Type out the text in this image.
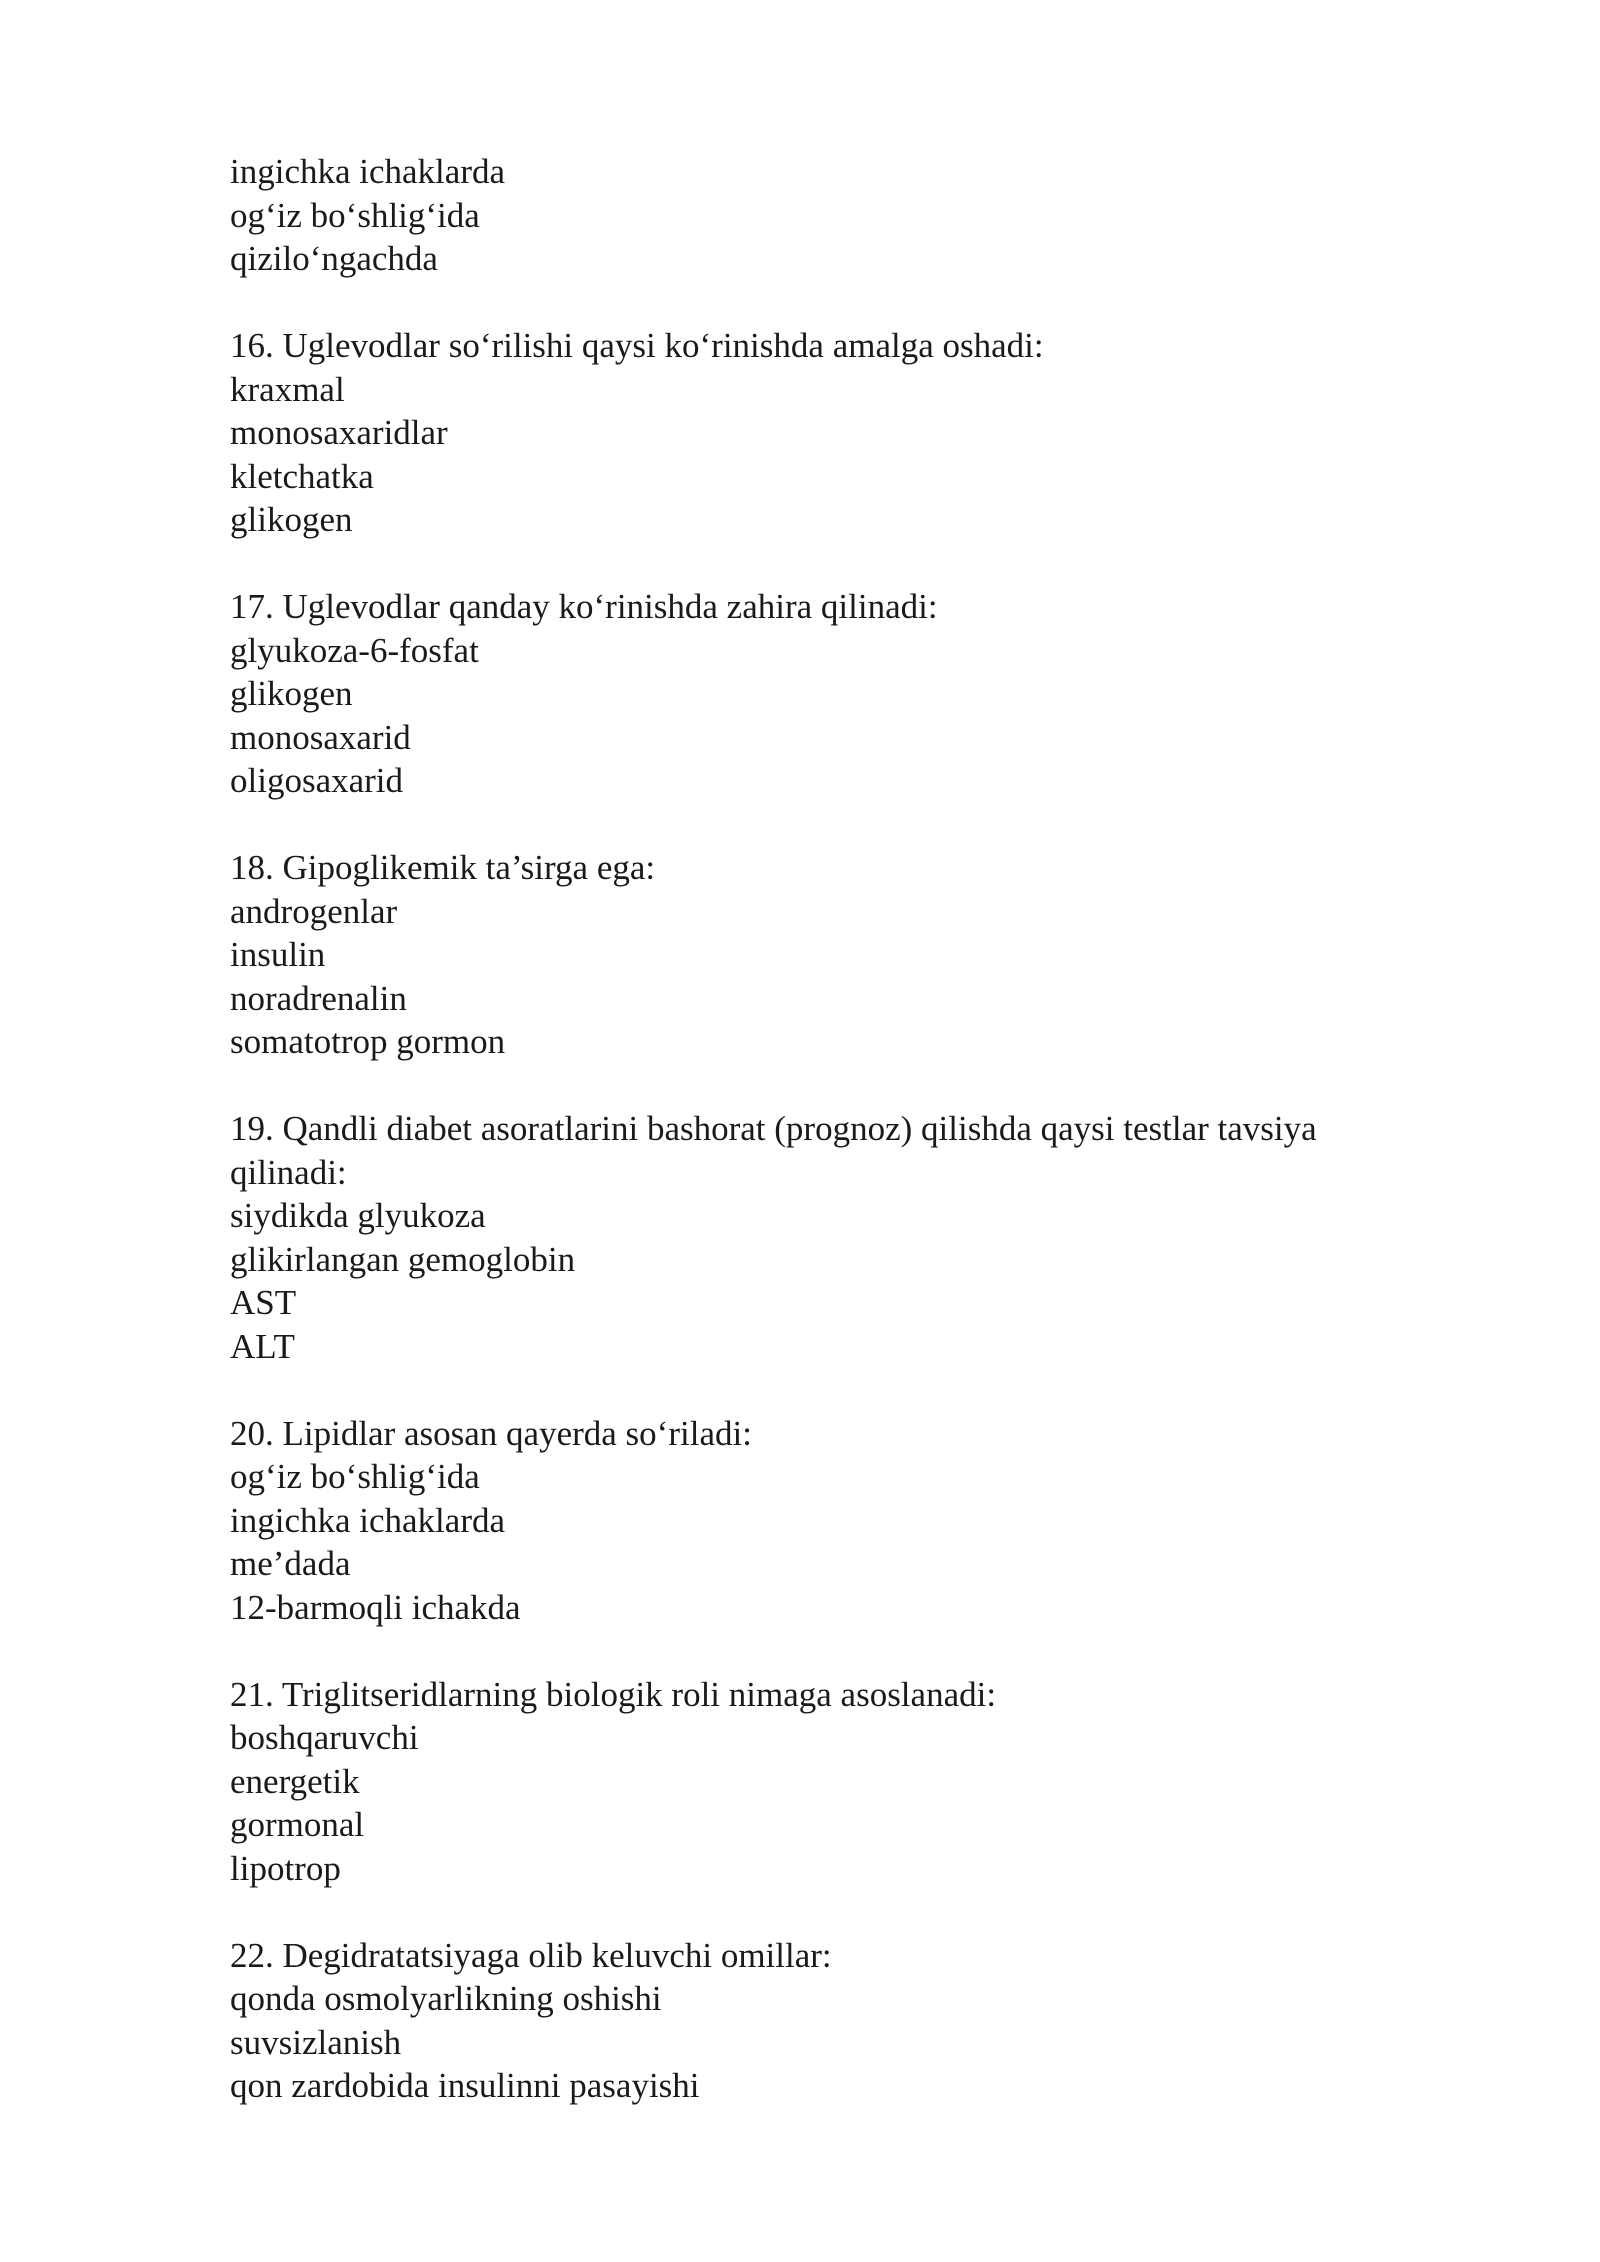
ingichka ichaklarda
og‘iz bo‘shlig‘ida
qizilo‘ngachda
16. Uglevodlar so‘rilishi qaysi ko‘rinishda amalga oshadi:
kraxmal
monosaxaridlar
kletchatka
glikogen
17. Uglevodlar qanday ko‘rinishda zahira qilinadi:
glyukoza-6-fosfat
glikogen
monosaxarid
oligosaxarid
18. Gipoglikemik ta’sirga ega:
androgenlar
insulin
noradrenalin
somatotrop gormon
19. Qandli diabet asoratlarini bashorat (prognoz) qilishda qaysi testlar tavsiya
qilinadi:
siydikda glyukoza
glikirlangan gemoglobin
AST
ALT
20. Lipidlar asosan qayerda so‘riladi:
og‘iz bo‘shlig‘ida
ingichka ichaklarda
me’dada
12-barmoqli ichakda
21. Triglitseridlarning biologik roli nimaga asoslanadi:
boshqaruvchi
energetik
gormonal
lipotrop
22. Degidratatsiyaga olib keluvchi omillar:
qonda osmolyarlikning oshishi
suvsizlanish
qon zardobida insulinni pasayishi
